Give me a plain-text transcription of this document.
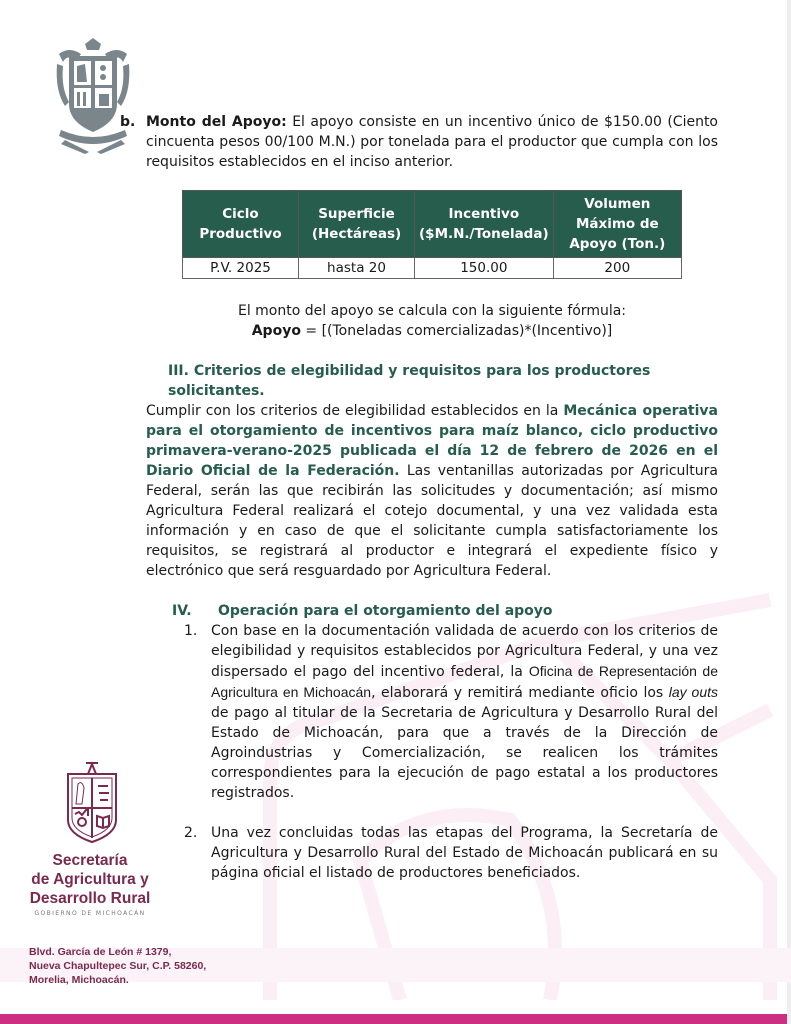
b. Monto del Apoyo: El apoyo consiste en un incentivo único de $150.00 (Ciento cincuenta pesos 00/100 M.N.) por tonelada para el productor que cumpla con los requisitos establecidos en el inciso anterior.

Ciclo Productivo	Superficie (Hectáreas)	Incentivo ($M.N./Tonelada)	Volumen Máximo de Apoyo (Ton.)
P.V. 2025	hasta 20	150.00	200
El monto del apoyo se calcula con la siguiente fórmula:
Apoyo = [(Toneladas comercializadas)*(Incentivo)]
III. Criterios de elegibilidad y requisitos para los productores solicitantes.

Cumplir con los criterios de elegibilidad establecidos en la Mecánica operativa para el otorgamiento de incentivos para maíz blanco, ciclo productivo primavera-verano-2025 publicada el día 12 de febrero de 2026 en el Diario Oficial de la Federación. Las ventanillas autorizadas por Agricultura Federal, serán las que recibirán las solicitudes y documentación; así mismo Agricultura Federal realizará el cotejo documental, y una vez validada esta información y en caso de que el solicitante cumpla satisfactoriamente los requisitos, se registrará al productor e integrará el expediente físico y electrónico que será resguardado por Agricultura Federal.

IV. Operación para el otorgamiento del apoyo
1. Con base en la documentación validada de acuerdo con los criterios de elegibilidad y requisitos establecidos por Agricultura Federal, y una vez dispersado el pago del incentivo federal, la Oficina de Representación de Agricultura en Michoacán, elaborará y remitirá mediante oficio los lay outs de pago al titular de la Secretaria de Agricultura y Desarrollo Rural del Estado de Michoacán, para que a través de la Dirección de Agroindustrias y Comercialización, se realicen los trámites correspondientes para la ejecución de pago estatal a los productores registrados.
2. Una vez concluidas todas las etapas del Programa, la Secretaría de Agricultura y Desarrollo Rural del Estado de Michoacán publicará en su página oficial el listado de productores beneficiados.
Secretaría
de Agricultura y
Desarrollo Rural
GOBIERNO DE MICHOACÁN
Blvd. García de León # 1379,
Nueva Chapultepec Sur, C.P. 58260,
Morelia, Michoacán.
